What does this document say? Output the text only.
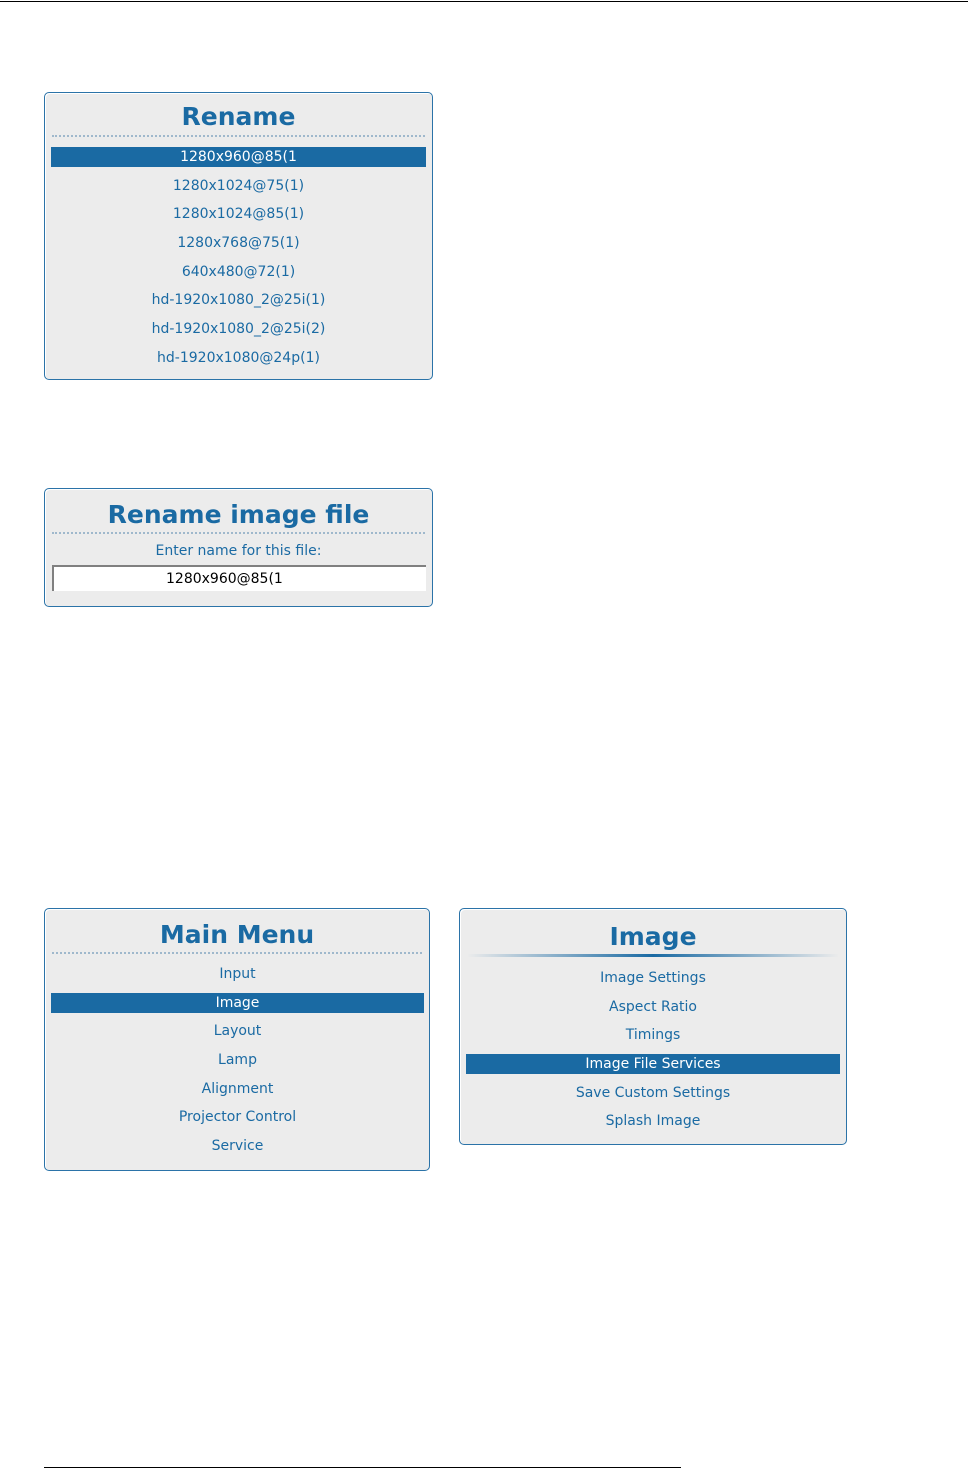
Rename
1280x960@85(1
1280x1024@75(1)
1280x1024@85(1)
1280x768@75(1)
640x480@72(1)
hd-1920x1080_2@25i(1)
hd-1920x1080_2@25i(2)
hd-1920x1080@24p(1)
Rename image file
Enter name for this file:
1280x960@85(1
Main Menu
Input
Image
Layout
Lamp
Alignment
Projector Control
Service
Image
Image Settings
Aspect Ratio
Timings
Image File Services
Save Custom Settings
Splash Image
